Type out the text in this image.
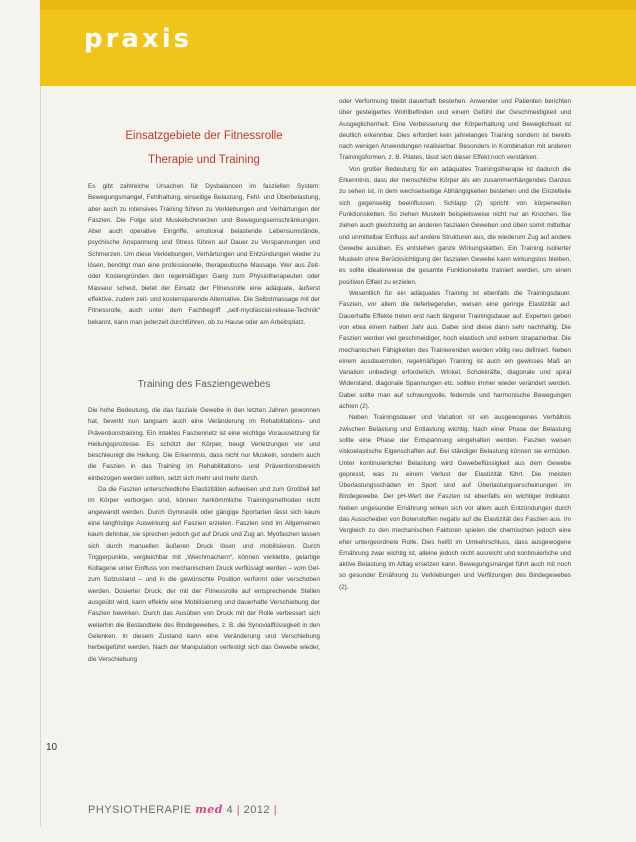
praxis
Einsatzgebiete der Fitnessrolle
Therapie und Training

Es gibt zahlreiche Ursachen für Dysbalancen im fasziellen System: Bewegungsmangel, Fehlhaltung, einseitige Belastung, Fehl- und Überbelastung, aber auch zu intensives Training führen zu Verklebungen und Verhärtungen der Faszien. Die Folge sind Muskelschmerzen und Bewegungseinschränkungen. Aber auch operative Eingriffe, emotional belastende Lebensumstände, psychische Anspannung und Stress führen auf Dauer zu Verspannungen und Schmerzen. Um diese Verklebungen, Verhärtungen und Entzündungen wieder zu lösen, benötigt man eine professionelle, therapeutische Massage. Wer aus Zeit- oder Kostengründen den regelmäßigen Gang zum Physiotherapeuten oder Masseur scheut, bietet der Einsatz der Fitnessrolle eine adäquate, äußerst effektive, zudem zeit- und kostensparende Alternative. Die Selbstmassage mit der Fitnessrolle, auch unter dem Fachbegriff „self-myofascial-release-Technik“ bekannt, kann man jederzeit durchführen, ob zu Hause oder am Arbeitsplatz.

Training des Fasziengewebes

Die hohe Bedeutung, die das fasziale Gewebe in den letzten Jahren gewonnen hat, bewirkt nun langsam auch eine Veränderung im Rehabilitations- und Präventionstraining. Ein intaktes Fasziennetz ist eine wichtige Voraussetzung für Heilungsprozesse. Es schützt der Körper, beugt Verletzungen vor und beschleunigt die Heilung. Die Erkenntnis, dass nicht nur Muskeln, sondern auch die Faszien in das Training im Rehabilitations- und Präventionsbereich einbezogen werden sollten, setzt sich mehr und mehr durch.

Da die Faszien unterschiedliche Elastizitäten aufweisen und zum Großteil tief im Körper verborgen sind, können herkömmliche Trainingsmethoden nicht angewandt werden. Durch Gymnastik oder gängige Sportarten lässt sich kaum eine langfristige Auswirkung auf Faszien erzielen. Faszien sind im Allgemeinen kaum dehnbar, sie sprechen jedoch gut auf Druck und Zug an. Myofaszien lassen sich durch manuellen äußeren Druck lösen und mobilisieren. Durch Triggerpunkte, vergleichbar mit „Weichmachern“, können verklebte, gelartige Kollagene unter Einfluss von mechanischem Druck verflüssigt werden – vom Gel- zum Solzustand – und in die gewünschte Position verformt oder verschoben werden. Dosierter Druck, der mit der Fitnessrolle auf entsprechende Stellen ausgeübt wird, kann effektiv eine Mobilisierung und dauerhafte Verschiebung der Faszien bewirken. Durch das Ausüben von Druck mit der Rolle verbessert sich weiterhin die Bestandteile des Bindegewebes, z. B. die Synovialflüssigkeit in den Gelenken. In diesem Zustand kann eine Veränderung und Verschiebung herbeigeführt werden. Nach der Manipulation verfestigt sich das Gewebe wieder, die Verschiebung

oder Verformung bleibt dauerhaft bestehen. Anwender und Patienten berichten über gesteigertes Wohlbefinden und einem Gefühl der Geschmeidigkeit und Ausgeglichenheit. Eine Verbesserung der Körperhaltung und Beweglichkeit ist deutlich erkennbar. Dies erfordert kein jahrelanges Training sondern ist bereits nach wenigen Anwendungen realisierbar. Besonders in Kombination mit anderen Trainingsformen, z. B. Pilates, lässt sich dieser Effekt noch verstärken.

Von großer Bedeutung für ein adäquates Trainingstherapie ist dadurch die Erkenntnis, dass der menschliche Körper als ein zusammenhängendes Ganzes zu sehen ist, in dem wechselseitige Abhängigkeiten bestehen und die Einzelteile sich gegenseitig beeinflussen. Schlapp (2) spricht von körperweiten Funktionsketten. So ziehen Muskeln beispielsweise nicht nur an Knochen. Sie ziehen auch gleichzeitig an anderen faszialen Geweben und üben somit mittelbar und unmittelbar Einfluss auf andere Strukturen aus, die wiederum Zug auf andere Gewebe ausüben. Es entstehen ganze Wirkungsketten. Ein Training isolierter Muskeln ohne Berücksichtigung der faszialen Gewebe kann wirkungslos bleiben, es sollte idealerweise die gesamte Funktionskette trainiert werden, um einen positiven Effekt zu erzielen.

Wesentlich für ein adäquates Training ist ebenfalls die Trainingsdauer. Faszien, vor allem die tieferliegenden, weisen eine geringe Elastizität auf. Dauerhafte Effekte treten erst nach längerer Trainingsdauer auf. Experten geben von etwa einem halben Jahr aus. Dabei sind diese dann sehr nachhaltig. Die Faszien werden viel geschmeidiger, hoch elastisch und extrem strapazierbar. Die mechanischen Fähigkeiten des Trainierenden werden völlig neu definiert. Neben einem ausdauernden, regelmäßigen Training ist auch ein gewisses Maß an Variation unbedingt erforderlich. Winkel, Schokkräfte, diagonale und spiral Widerstand, diagonale Spannungen etc. sollten immer wieder verändert werden. Dabei sollte man auf schwungvolle, federnde und harmonische Bewegungen achten (2).

Neben Trainingsdauer und Variation ist ein ausgewogenes Verhältnis zwischen Belastung und Entlastung wichtig. Nach einer Phase der Belastung sollte eine Phase der Entspannung eingehalten werden. Faszien weisen viskoelastische Eigenschaften auf. Bei ständiger Belastung können sie ermüden. Unter kontinuierlicher Belastung wird Gewebeflüssigkeit aus dem Gewebe gepresst, was zu einem Verlust der Elastizität führt. Die meisten Überlastungsschäden im Sport sind auf Überlastungserscheinungen im Bindegewebe. Der pH-Wert der Faszien ist ebenfalls ein wichtiger Indikator. Neben ungesunder Ernährung wirken sich vor allem auch Entzündungen durch das Ausscheiden von Botenstoffen negativ auf die Elastizität des Faszien aus. Im Vergleich zu den mechanischen Faktoren spielen die chemischen jedoch eine eher untergeordnete Rolle. Dies heißt im Umkehrschluss, dass ausgewogene Ernährung zwar wichtig ist, alleine jedoch nicht ausreicht und kontinuierliche und aktive Belastung im Alltag ersetzen kann. Bewegungsmangel führt auch mit noch so gesunder Ernährung zu Verklebungen und Verfilzungen des Bindegewebes (2).

10
PHYSIOTHERAPIE med 4 | 2012 |
